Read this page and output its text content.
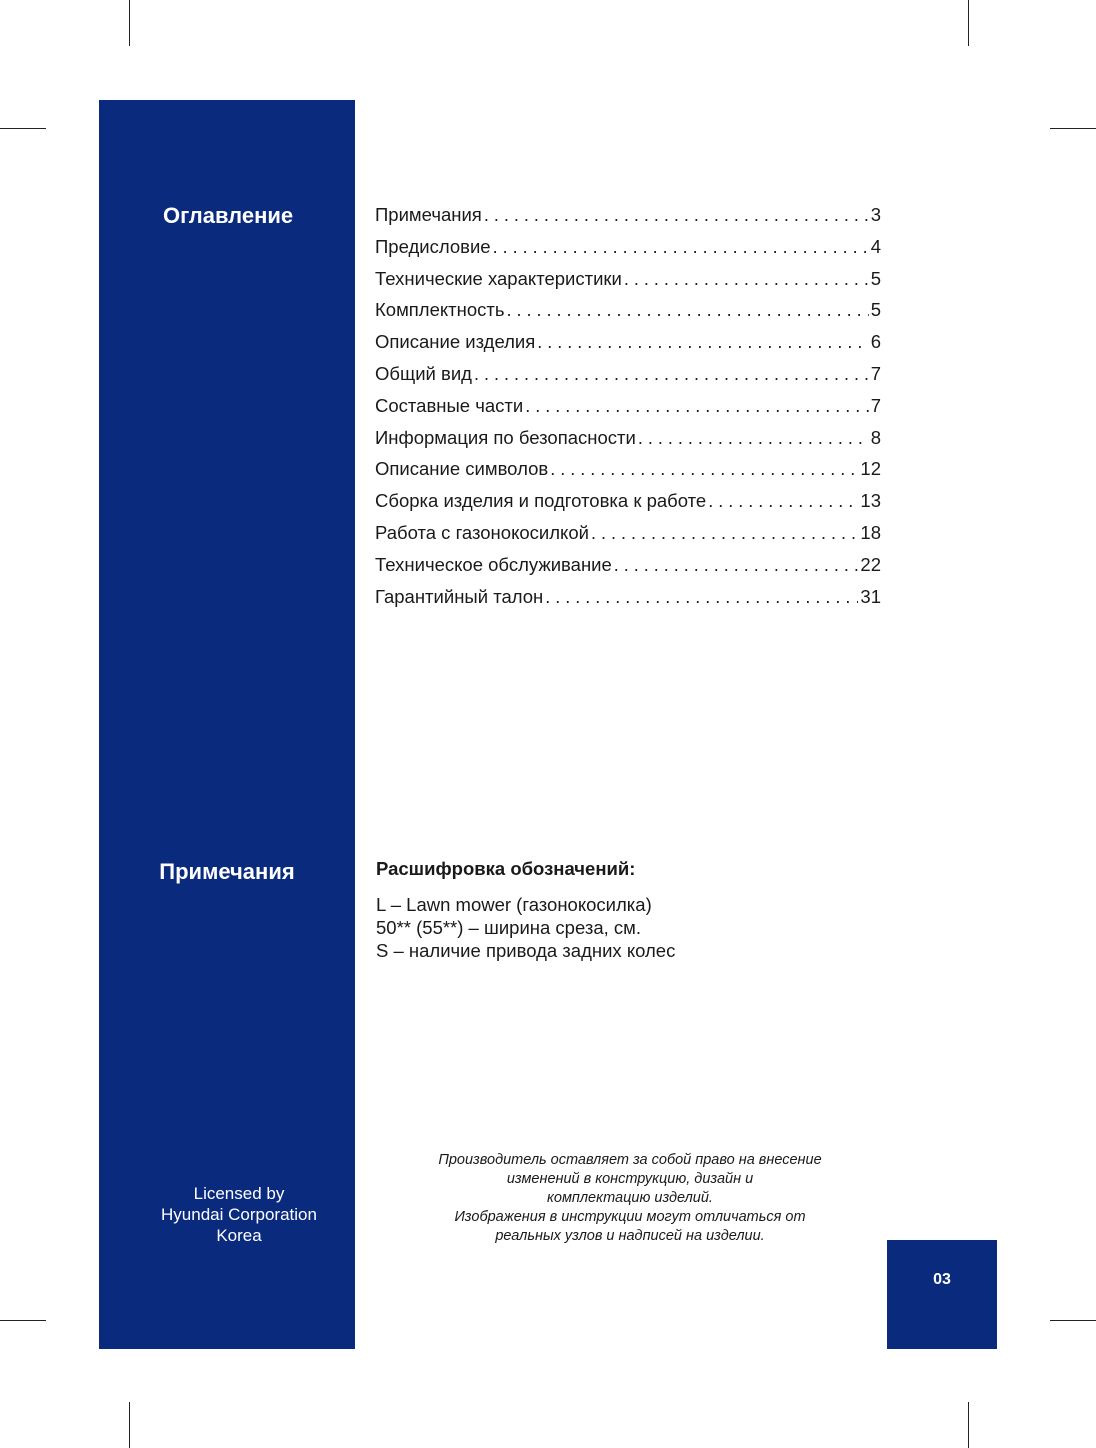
Оглавление
Примечания
Licensed by
Hyundai Corporation
Korea
Примечания . . .	3
Предисловие . . .	4
Технические характеристики . . .	5
Комплектность . . .	5
Описание изделия . . .	6
Общий вид . . .	7
Составные части . . .	7
Информация по безопасности . . .	8
Описание символов . . .	12
Сборка изделия и подготовка к работе . . .	13
Работа с газонокосилкой . . .	18
Техническое обслуживание . . .	22
Гарантийный талон . . .	31
Расшифровка обозначений:
L – Lawn mower (газонокосилка)
50** (55**) – ширина среза, см.
S – наличие привода задних колес
Производитель оставляет за собой право на внесение
изменений в конструкцию, дизайн и
комплектацию изделий.
Изображения в инструкции могут отличаться от
реальных узлов и надписей на изделии.
03
